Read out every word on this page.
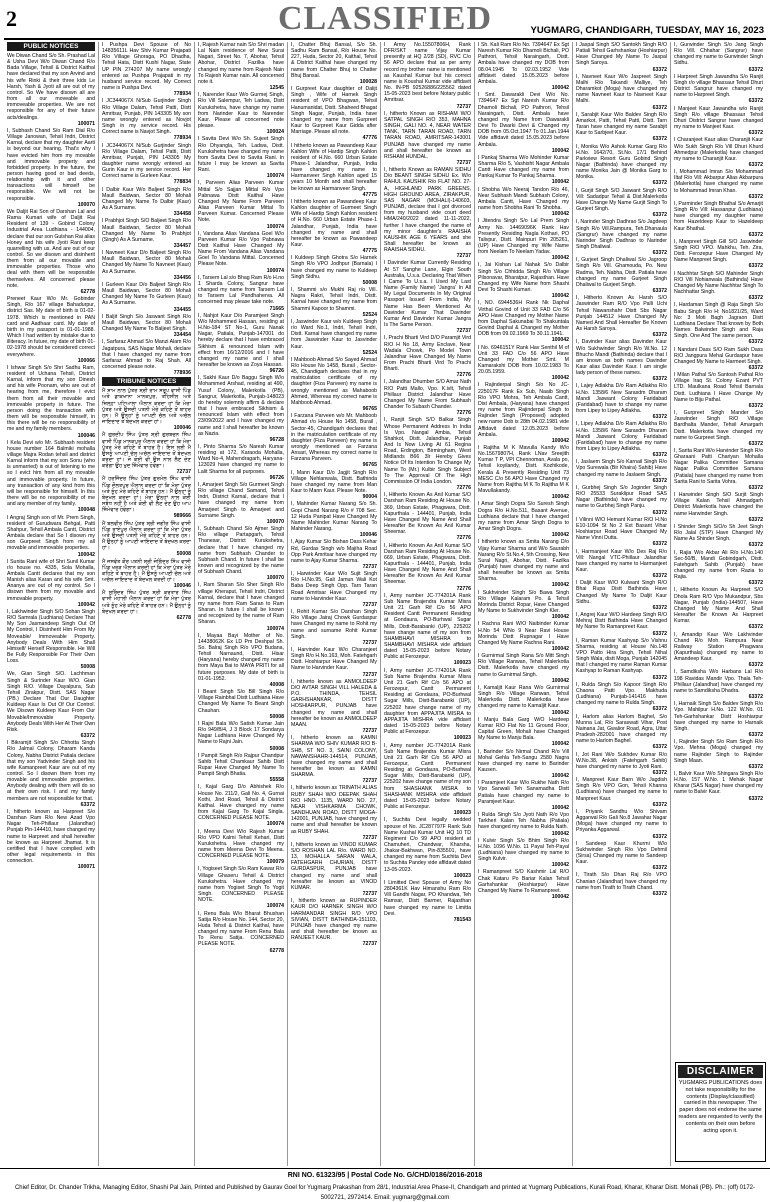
2	CLASSIFIED	YUGMARG, CHANDIGARH, TUESDAY, MAY 16, 2023
PUBLIC NOTICES
We Diwan Chand S/o Sh. Prashad Lal & Usha Devi W/o Diwan Chand R/o Bada Village, Tehsil & District Kaithal have declared that my son Arvind and his wife Rinki & their three kids Le Harsh, Yash & Jyoti all are out of my control. So We have disown all are from all our moveable and immoveable properties. We are not responsible for any of their future acts/dealings.
100071
I, Subhash Chand S/o Ram Dial R/o Village Janowan, Tehsil Indri, District Karnal, declare that my daughter Aarti is beyond our hearing. That's why I have evicted him from my movable and immovable property and forbidded property. In the future, the person having good or bad deeds, relationship with it and other transactions will himself be responsible. We will not be responsible.
100070
We Daljit Rai Son of Darshan Lal and Rama Kumari wife of Daljit Rai Resident of 139 - Gobind Colony Industrial Area Ludhiana - 144004, declare that our son Gulshan Rai alias Honey and his wife Jyoti Rani keep quarrelling with us. And are out of our control. So we disown and disinherit them from all our movable and immovable properties. Those who deal with them will be responsible themselves. All concerned please note.
62778
Preneet Kaur W/o Mr. Gobinder Singh, R/o 167 village Bahadurpur, district Sas. My date of birth is 01-02-1978. Which is mentioned in PAN card and Aadhaar card. My date of birth in my passport is 01-01-1988. Which I had written by mistake due to illiteracy. In future, my date of birth 01-02-1978 should be considered correct everywhere.
100066
I Ishwar Singh S/o Shri Sadhu Ram, resident of Uchana Tehsil, District Karnal, inform that my son Dinesh and his wife Poonam, who are out of hearing from me, therefore I evict them from all their movable and immovable property in future. The person doing the transaction with them will be responsible himself, in this there will be no responsibility of me and my family members.
100046
I Kela Devi w/o Mr. Subhash resident house number 164 Balmiki mohalla village Majra Rodan tehsil and district Karnal inform that my son Sonu (who is unmarried) is out of listening to me so I evict him from all my movable and immovable property. In future, any transaction of any kind from this will be responsible for himself. In this there will be no responsibility of me and any member of my family.
100048
I Angraj Singh son of Mr. Prem Singh, resident of Gurudwara Behgal, Patti Shahpur, Tehsil Ambala Cantt, District Ambala declare that So I disown my son Gurpreet Singh from my all movable and immovable properties.
100042
I Sunita Rani wife of Shri Sunil Kumar r/o house no. 4335, Sola Mohalla, Ambala Cantt declares that my son Manish alias Karan and his wife Smt. Ananya are out of my control. So I disown them from my movable and immovable property.
100042
I, Lakhwinder Singh S/O Sohan Singh R/O Samrala (Ludhiana) Declare That My Son Jasmandeep Singh Out Of My Control, I Disinherit Him From My Moveable/ Immoveable Property. Anybody Deals With Him Shall Himself/ Herself Responsible. He Will Be Fully Responsible For Their Own Loss.
50008
We, Gian Singh S/O. Lachhman Singh & Surinder Kaur W/O. Gian Singh R/O. Village Dayalpura, Sub Tehsil Zirakpur, Distt. SAS Nagar (PB.) Declare That Our Daughter Kuldeep Kaur Is Out Of Our Control. We Disown Kuldeep Kaur From Our Movable/Immovable Property. Anybody Deals With Her At Their Own Risk.
63372
I Bikramjit Singh S/o Chhotta Singh R/o Jalmal Colony, Dharam Kanda Colony, Nabha District Patiala declare that my son Yadvinder Singh and his wife Kamanpreet Kaur are out of my control. So I disown them from my movable and immovable properties. Anybody dealing with them will do so at their own risk. I and my family members are not responsible for that.
63372
I, hitherto known as Harpreet S/o Darshan Ram R/o New Azad Vpo Nagar Teh-Phillaur (Jalandhar) Punjab Pin-144410, have changed my name to Harpreet and shall hereafter be known as Harpreet Jhamat. It is certified that I have complied with other legal requirements in this connection.
100071
I Pushpa Devi Spouse of No 14835611L Hav Shiv Kumar Prajapati R/o Village Ghoraga, PO Dhadha, Tehsil Hata, Distt Kushi Nagar, State UP PIN 274207 My name wrongly entered as Pushpa Prajapati in my husband service record. My Correct name is Pushpa Devi.
778934
I JC344067X N/Sub Gurjinder Singh R/o Village Dalam, Tehsil Patti, Distt Amritsar, Punjab, PIN 143305 My son name wrongly entered as Novjot Singh in my service record. His Correct name is Navjot Singh.
778934
I JC344067X N/Sub Gurjinder Singh R/o Village Dalam, Tehsil Patti, Distt Amritsar, Punjab, PIN 143305 My daughter name wrongly entered as Gurin Kaur in my service record. Her Correct name is Gurleen Kaur.
778834
I Dalbir Kaur W/o Baljeet Singh R/o Maull Baidwan, Sector 80 Mohali Changed My Name To Dalbir (Kaur) As A Surname.
334458
I Prabhjot Singh S/O Baljeet Singh R/o Maull Baidwan, Sector 80 Mohali Changed My Name To Prabhjot (Singh) As A Surname.
334457
I Navneet Kaur D/o Baljeet Singh R/o Maull Baidwan, Sector 80 Mohali Changed My Name To Navneet (Kaur) As A Surname.
334456
I Gurleen Kaur D/o Baljeet Singh R/o Maull Baidwan, Sector 80 Mohali Changed My Name To Gurleen (Kaur) As A Surname.
334455
I Baljit Singh S/o Jaswant Singh R/o Maull Baidwan, Sector 80 Mohali Changed My Name To Baljeet Singh.
334454
I, Sarfaraz Ahmad S/o Manzi Alam R/o Jagatpura, SAS Nagar Mohali, declare that I have changed my name from Sarfaraz Ahmad to Raj Shah. All concerned please note.
778936
TRIBUNE NOTICES
ਮੈਂ ਸ਼ਾਮ ਲਾਲ ਪੁੱਤਰ ਸ਼੍ਰੀ ਰਾਮ ਸਰੂਪ ਵਾਸੀ ਪਿੰਡ ਅਤੇ ਡਾਕਖਾਨਾ ਮਾਨਕਪੁਰ, ਤਹਿਸੀਲ ਅਤੇ ਜ਼ਿਲ੍ਹਾ ਪਟਿਆਲਾ ਐਲਾਨ ਕਰਦਾ ਹਾਂ ਕਿ ਮੇਰਾ ਪੁੱਤਰ ਅਤੇ ਉਸਦੀ ਪਤਨੀ ਮੇਰੇ ਕਹਿਣੇ ਤੋਂ ਬਾਹਰ ਹਨ। ਮੈਂ ਉਨ੍ਹਾਂ ਨੂੰ ਆਪਣੀ ਚੱਲ ਅਤੇ ਅਚੱਲ ਜਾਇਦਾਦ ਤੋਂ ਬੇਦਖਲ ਕਰਦਾ ਹਾਂ।
100046
ਮੈਂ ਗੁਰਦੀਪ ਸਿੰਘ ਪੁੱਤਰ ਸ਼੍ਰੀ ਗੁਰਬਚਨ ਸਿੰਘ ਵਾਸੀ ਪਿੰਡ ਮਾਨਕਪੁਰ ਐਲਾਨ ਕਰਦਾ ਹਾਂ ਕਿ ਮੇਰਾ ਪੁੱਤਰ ਮੇਰੇ ਕਹਿਣੇ ਤੋਂ ਬਾਹਰ ਹੈ। ਇਸ ਲਈ ਮੈਂ ਉਸਨੂੰ ਆਪਣੀ ਚੱਲ ਅਚੱਲ ਜਾਇਦਾਦ ਤੋਂ ਬੇਦਖਲ ਕਰਦਾ ਹਾਂ। ਜੋ ਕੋਈ ਵੀ ਉਸ ਨਾਲ ਲੈਣ ਦੇਣ ਕਰੇਗਾ ਉਹ ਖੁਦ ਜ਼ਿੰਮੇਵਾਰ ਹੋਵੇਗਾ।
72737
ਮੈਂ ਹਰਜਿੰਦਰ ਸਿੰਘ ਪੁੱਤਰ ਗੁਰਮੇਲ ਸਿੰਘ ਵਾਸੀ ਪਿੰਡ ਦੌਲਤਪੁਰ ਐਲਾਨ ਕਰਦਾ ਹਾਂ ਕਿ ਮੇਰਾ ਪੁੱਤਰ ਅਤੇ ਨੂੰਹ ਮੇਰੇ ਕਹਿਣੇ ਤੋਂ ਬਾਹਰ ਹਨ। ਮੈਂ ਉਨ੍ਹਾਂ ਨੂੰ ਬੇਦਖਲ ਕਰਦਾ ਹਾਂ। ਮੇਰਾ ਉਨ੍ਹਾਂ ਨਾਲ ਕੋਈ ਸਬੰਧ ਨਹੀਂ ਹੈ ਅਤੇ ਕੋਈ ਵੀ ਲੈਣ ਦੇਣ ਉਹ ਆਪ ਜ਼ਿੰਮੇਵਾਰ ਹੋਵੇਗਾ।
989666
ਮੈਂ ਬਲਵੀਰ ਸਿੰਘ ਪੁੱਤਰ ਸ਼੍ਰੀ ਜਗੀਰ ਸਿੰਘ ਵਾਸੀ ਪਿੰਡ ਰਾਏਪੁਰ ਐਲਾਨ ਕਰਦਾ ਹਾਂ ਕਿ ਮੇਰਾ ਪੁੱਤਰ ਅਤੇ ਉਸਦੀ ਪਤਨੀ ਮੇਰੇ ਕਹਿਣੇ ਤੋਂ ਬਾਹਰ ਹਨ। ਮੈਂ ਉਨ੍ਹਾਂ ਨੂੰ ਆਪਣੀ ਜਾਇਦਾਦ ਤੋਂ ਬੇਦਖਲ ਕਰਦਾ ਹਾਂ।
50008
ਮੈਂ ਜਸਵੰਤ ਕੌਰ ਪਤਨੀ ਸ਼੍ਰੀ ਜੋਗਿੰਦਰ ਸਿੰਘ ਵਾਸੀ ਪਿੰਡ ਖਰੜ ਐਲਾਨ ਕਰਦੀ ਹਾਂ ਕਿ ਮੇਰਾ ਪੁੱਤਰ ਮੇਰੇ ਕਹਿਣੇ ਤੋਂ ਬਾਹਰ ਹੈ। ਮੈਂ ਉਸਨੂੰ ਆਪਣੀ ਚੱਲ ਅਤੇ ਅਚੱਲ ਜਾਇਦਾਦ ਤੋਂ ਬੇਦਖਲ ਕਰਦੀ ਹਾਂ।
100046
ਮੈਂ ਸੁਰਿੰਦਰ ਸਿੰਘ ਪੁੱਤਰ ਸ਼੍ਰੀ ਕਰਤਾਰ ਸਿੰਘ ਵਾਸੀ ਮੋਹਾਲੀ ਐਲਾਨ ਕਰਦਾ ਹਾਂ ਕਿ ਮੇਰਾ ਪੁੱਤਰ ਅਤੇ ਨੂੰਹ ਮੇਰੇ ਕਹਿਣੇ ਤੋਂ ਬਾਹਰ ਹਨ। ਮੈਂ ਉਨ੍ਹਾਂ ਨੂੰ ਬੇਦਖਲ ਕਰਦਾ ਹਾਂ।
62778
I, Rajesh Kumar nain S/o Shri madan Lal Nain residence of New Surai Nagari, Street No. 7, Abohar, Tehsil Abohar, District Fazilka have changed my name from Rajesh Nain To Rajesh Kumar nain. All concerned note it.
12545
I, Narender Kaur W/o Gurmej Singh, R/o Vill Salempur, Teh Ladwa, Distt Kurukshetra, have change my name from Narinder Kaur to Narender Kaur. Please all concerned note please.
100024
I Savita Devi W/o Sh. Sujeet Singh R/o Dhyangla, Teh. Ladwa, Distt. Kurukshetra have changed my name from Savita Devi to Savita Rani. In future I may be known as Savita Rani.
100074
I, Parveen Alias Parveen Kumar Mittal S/o Sajjan Mittal R/o Vpo Pabnawa Distt Kaithal Have Changed My Name From Parveen Alias Parveen Kumar Mittal To Parveen Kumar. Concerned Please Note.
100074
I, Vandana Alias Vandana Goel W/o Parveen Kumar R/o Vpo Pabnawa Distt Kaithal Have Changed My Name From Vandana Alias Vandana Goel To Vandana Mittal. Concerned Please Note.
100074
I, Tarsem Lal s/o Bhag Ram R/o H.no 1 Sharda Colony, Sangrur have changed my name from Tarsem Lal to Tarsem Lal Pandhaherva. All concerned may please take note.
71665
I, Nahjot Kaur D/o Paramjeet Singh W/o Mohammed Hassan, residing at H.No-184 ST No-1, Guru Nanak Nagar, Patiala, Punjab-147001 do hereby declare that I have embraced Sikhism & renounced Islam with effect from 16/12/2016 and I have changed my name and I shall hereafter be known as Zoya Hassan.
96726
I, Sakhi Kaur D/o Baggu Singh W/o Mohammed Arshad, residing at 490, Yusuf Colony, Malerkotla (PB), Sangrur, Malerkotla, Punjab-148023 do hereby solemnly affirm & declare that I have embraced Sikhism & renounced Islam with effect from 23/09/2022 and I have changed my name and I shall hereafter be known as Nazia.
96728
I, Pinto Sharma S/o Naresh Kumar residing at 172, Karaoda Mohalla, Ward No-4, Mahendragarh, Haryana-123029 have changed my name to Lalit Sharma for all purposes.
96726
I, Amarjeet Singh S/o Gurmeet Singh R/o village Chand Samand, Tehsil Indri, District Karnal, declare that I have changed my name from Amarjeet Singh to Amarjeet and Surname Singh.
100070
I, Subhash Chand S/o Ajmer Singh R/o village Partapgarh, Tehsil Thanesar, District Kurukshetra, declare that I have changed my name from Subhash Chander to Subhash Chand. In future I shall be known and recognized by the name of Subhash Chand.
100070
I, Ram Sharan S/o Sher Singh R/o village Kheraput, Tehsil Indri, District Karnal, declare that I have changed my name from Ram Saran to Ram Sharan. In future I shall be known and recognized by the name of Ram Sharan.
100074
I, Mayaa Bayi Mother of No. 14438062K Ex LD Pm Deshpal Sh. So. Balraj Singh R/o VPO Budana, Tehsil Narnaund, Distt. Hisar (Haryana) hereby changed my name from Maya Bai to MAYA PRITI for all future purposes. My date of birth is 01-01-1952.
40008
I Beant Singh S/o Bill Singh R/o Village Rainbhal Distt Ludhiana Have Changed My Name To Beant Singh Chauhan.
50008
I Rajni Bala W/o Satish Kumar Jain R/o 949/B/4, J 3 Block 17 Sondarya Nagar Ludhiana Have Changed My Name to Rajni Jain.
50008
I Pampit Singh R/o Rajpur Chandpur Sahib Tehsil Chamkaur Sahib Distt Rupar Have Changed My Name To Pampit Singh Bhatia.
55558
I, Kajal Garg D/o Abhishek R/o House No. 211/2, Gali No. 4, Gurnai Kothi, Jind Road, Tehsil & District Kaithal. Have changed my name from Kajal Garg To Kajal Singla. CONCERNED PLEASE NOTE.
100074
I, Meena Devi W/o Rajesh Kumar R/o VPO Kalmi Tehsil Kehari, Distt Kurukshetra. Have changed my name from Meena Devi To Meena. CONCERNED PLEASE NOTE.
100079
I, Yogiseet Singh S/o Ram Kawar R/o Village Ghaseru Tehsil & District Kurukshetra. Have changed my name from Yogiset Singh To Yogit Singh. CONCERNED PLEASE NOTE.
100074
I, Renu Bala W/o Bharat Bhushan Satija R/o House No. 144, Sector 20, Huda Tehsil & District Kaithal, have changed my name From Renu Bala To Renu Satija. CONCERNED PLEASE NOTE.
62778
I, Chatter Bhuj Bansal, S/o Sh. Sadhu Ram Bansal, R/o House No. 227, Huda, Sector 20, Kaithal, Tehsil & District Kaithal have changed my name from Chatter Bhuj to Chatter Bhuj Bansal.
100028
I Gurpreet Kaur daughter of Dalijt Singh , Wife of Harnek Singh resident of VPO Bhagwan, Tehsil Hanumanidat, Distt. Shaheed Bhagat Singh Nagar, Punjab, India have changed my name from Gurpreet Kaur to Gurpreet Kaur Gidda after Marriage. Please all note.
47776
I hitherto known as Pawandeep Kaur Kahlon Wife of Hardip Singh Kahlon resident of H.No. 660 Urban Estate Phase-1 Jalandhar, Punjab, India have changed my name to Harmanveer Singh Kahlon aged 15 years 10 Month and shall hereafter be known as Harmanveer Singh.
47775
I hitherto known as Pawandeep Kaur Kahlon daughter of Gurmeet Singh Wife of Hardip Singh Kahlon resident of H.No. 660 Urban Estate Phase-1 Jalandhar, Punjab, India have changed my name and shall hereafter be known as Pawandeep Kaur.
47775
I Kuldeep Singh Ghotra S/o Harnek Singh R/o VPO Jodhpur (Barnala) I have changed my name to Kuldeep Singh Sidhu.
50008
I, Shammi s/o Mukhi Raj r/o Vill. Nagra Rakri, Tehsil Indri, Distt. Karnal have changed my name from Shammi Kapoor to Shammi.
52524
I, Jaswinder Kaur w/o Kuldeep Singh r/o Ward No.1, Indri, Tehsil Indri, Distt. Karnal have changed my name from Jaswinder Kaur to Jasvinder Kaur.
52524
I Mahboob Ahmad S/o Sayed Ahmad R/o House No 1458, Burail , Sector-45, Chandigarh declares that in my matriculation certificate of my daughter (Fiza Parveen) my name is wrongly mentioned as Mahaboob Ahmed, Whereas my correct name is Mahboob Ahmad.
96765
I Farzana Parveen w/o Mr. Mahboob Ahmad r/o House No 1458, Burail , Sector-45, Chandigarh declares that in the matriculation certificate of my daughter (Fiza Parveen) my name is wrongly mentioned as Farzana Ansari, Whereas my correct name is Farzana Parveen.
96765
I, Mann Kaur D/o Jagjit Singh R/o Village Nehlanwala, Distt. Bathinda have changed my name from Man Kaur to Mann Kaur. Please Note.
90004
I, Mahinder Kumar Narang S/o Sh. Gopi Chand Narang R/o # 708 Sec. 12 Huda Panipat Have Changed My Name Mahinder Kumar Narang To Mahinder Narang.
100046
I, Ajay Kumar S/o Bishan Dass Kehar Rd, Gurdas Singh w/o Majiha Road Opp Park Amritsar have changed my name to Ajay Kumar Sharma.
72737
I, Harwinder Kaur W/o Sujit Singh R/o H.No.95, Gali Jamun Wali Kot Baba Deep Singh Opp. Tarn Taran Road Amritsar Have Changed my name to Harvinder Kaur.
72737
I, Rohit Kumar S/o Darshan Singh R/o Village Jairaj Chowk Gurdaspur have Changed my name to Rohit my name and surname Rohit Kumar Singh.
72737
I, Harvinder Kaur W/o Charanjeet Singh R/o H.No.163, Moh. Fatehgarh Distt. Hoshiarpur Have Changed My Name to Harvinder Kaur.
72737
I, hitherto known as ANMOLDEEP D/O AVTAR SINGH VILL HALEDA & P.O. THINDA, TEHSIL GARHSHANKAR, DISTT HOSHIARPUR, PUNJAB have changed my name and shall hereafter be known as ANMOLDEEP MAAN.
72737
I, hitherto known as KAMNI SHARMA W/O SHIV KUMAR R/O B-SHB, ST NO. 3, SAINI COLONY, NAWANSHAHR-144514, PUNJAB, have changed my name and shall hereafter be known as KAMNI SHARMA.
72737
I, hitherto known as TRINATH ALIAS RUBY SHAH W/O DEEPAK SHAH R/O HNO. 1135, WARD NO. 27, NEAR VISHKARMA CHOWK, SANDHUAN ROAD, DISTT MOGA-142001, PUNJAB, have changed my name and shall hereafter be known as RUBY SHAH.
72737
I, hitherto known as VINOD KUMAR S/O ROSHAN LAL R/o. WARD NO. 13, MOHALLA SARAN WALA, FATEHGARH CHURIAN, DISTT GURDASPUR, PUNJAB have changed my name and shall hereafter be known as VINOD KUMAR.
72737
I, hitherto known as RUPINDER KAUR D/O HARNEK SINGH W/O HARMANDAR SINGH R/O VPO SIVIAN, DISTT BATHINDA-151103, PUNJAB have changed my name and shall hereafter be known as RANJEET KAUR.
72737
I Army No.15507806H, Rank DFR/SKT name Vijay Kumar presently at HQ 2/28 (SD), RVC C/o 56 APO declare that as per army record my brother name is mentioned as Kaushal Kumar but his correct name is Koushal Kumar vide affidavit No. IN-PB 92526886/225562 dated 15-05-2023 best before Notary public Amritsar.
72737
I, hitherto Known as RISHAM W/O SATPAL SINGH R/O 353, MAHNA SINGH, GALI NO. 4, NEAR WATER TANK, TARN TARAN ROAD, TARN TARAN ROAD, AMRITSAR-143001 PUNJAB have changed my name and shall hereafter be known as RISHAM HUNDAL.
72737
I, hitherto Known as RAMAN SIDHU D/o BEANT SINGH SIDHU Ex. W/o RAHUL KAUSHIK R/o FLAT NO. 27-A, HIGHLAND PARK GREENS, HIGH GROUND AREA, ZIRAKPUR, SAS NAGAR (MOHALI)-140603, PUNJAB, declare that I got divorced from my husband vide court deed HMA/240/2022 dated 11-11-2022, further I have changed the name of my minor daughter's RAAISHA KAUSHIK AGE 6 YEARS and she Shall hereafter be known as RAAISHA SIDHU.
72737
I Davinder Kumar Currently Residing At 57 Sanghe Lane, Elgin South Australia, U.s.a. Declaring That When I Came To U.s.a. I Used My Last Name (Family Name) 'Jangra' In All My Legal Documents In My Original Passport Issued From India, My Name Has Been Mentioned As Davinder Kumar That Davinder Kumar And Davinder Kumar Jangra Is The Same Person.
72737
I, Prachi Bharti Vird D/O Paramjit Vird R/O H No 18, Army Enclave, Near Wadala Chowk, Po Model Town Jalandhar Have Changed My Name From Prachi Bharti Vird To Prachi Bharti.
72776
I, Jalandhar Dhumber S/O Amar Nath R/O Patti Mallo, Vpo. K.ivlt, Tehsil Phillaur District Jalandhar Have Changed My Name From Subhash Chander To Subash Chander.
72776
I, Ranjit Singh S/O Balkar Singh Whose Permanent Address In India Is Vpo. Nangal Ambia, Tehsil Shahkot, Distt. Jalandhar, Punjab And Is Now Living At 61 Regina Road, Erdington, Birmingham, West Midlands B66 3lr Hereby Gives Notice Of Its Intention To Change My Name To (Mr.) Kulbir Singh Subject To The Approval Of The High Commission Of India London.
72776
I, Hitherto Known As Anil Kumar S/O Darshan Ram Residing At House No. 369, Urban Estate, Phagwara, Distt. Kapurthala - 144401, Punjab, India Have Changed My Name And Shall Hereafter Be Known As Anil Kumar Sheemar.
72776
I, Hitherto Known As Anil Kumar S/O Darshan Ram Residing At House No. 669, Urban Estate, Phagwara, Distt. Kapurthala - 144401, Punjab, India Have Changed My Name And Shall Hereafter Be Known As Anil Kumar Sheemar.
72776
I, Army number JC-774201A Rank Sub Name Brajendra Kumar Misra Unit 21 Garh Rif C/o 56 APO Resident Cantt Permanent Residing at Gondaura, PO-Burhwal Sugar Mills, Distt-Barabanki (UP), 225202 have change name of my son from SHAMBHAVI MISHRA to SHAMBHAVI MISHRA vide affidavit dated 15-05-2023 before Notary Public at Ferozepur.
100023
I, Army number JC-774201A Rank Sub Name Brajendra Kumar Misra Unit 21 Garh Rif C/o 56 APO at Ferozepur, Cantt Permanent Residing at Gondaura, PO-Burhwal Sugar Mills, Distt-Barabanki (UP), 225202 have change name of my daughter from APPAJITA MISRA to APPAJITA MISHRA vide affidavit dated 15-05-2023 before Notary Public at Ferozepur.
100023
I, Army number JC-774201A Rank Sub Name Brajendra Kumar Misra Unit 21 Garh Rif C/o 56 APO at Ferozepur, Cantt Permanent Residing at Gondaura, PO-Burhwal Sugar Mills, Distt-Barabanki (UP), 225202 have change name of my son from SHASHANK MISRA to SHASHANK MISHRA vide affidavit dated 15-05-2023 before Notary Public at Ferozepur.
100023
I, Suchita Devi legally wedded spouse of No. JC287797F Rank Sub Name Kushal Kumar Unit HQ 10 TD Regiment C/o 99 APO resident at Chamuheri, Chandwar, Kharsha, Jhakar-Bakhwan, Pin-835501, have changed my name from Suchita Devi to Suchita Pandey vide affidavit dated 13-05-2023.
100023
I Limitted Devi Spouse of Army No 2804361K Hav Himanshu Ram R/o Vill Gandhi Nagar, PO Khandwa, Teh Ramsar, Distt Barmer, Rajasthan have changed my name to Limitta Devi.
781543
I Sh. Kali Ram R/o No. 7394647 Ex Sgt Naresh Kumar R/o Dhamoli Bichali, PO Pathrori, Tehsil Naraingarh, Distt. Ambala have changed my DOB from 08.04.1945 To 02.03.1952 Vide affidavit dated 15.05.2023 before Ambala.
100042
I Smt. Dawarakli Devi W/o No. 7394647 Ex Sgt Naresh Kumar R/o Dhamoli Bichali, PO Pathrori, Tehsil Naraingarh, Distt. Ambala have changed my Name from Dawarakli Devi To Dwarki Devi & Changed my DOB from 05.Oct.1947 To 01.Jan.1944 Vide affidavit dated 15.05.2023 before Ambala.
100042
I Pankaj Sharma W/o Mohinder Kumar Sharma R/o 5, Vashisht Nagar Ambala Cantt Have changed my name from Pankaj Kumar To Pankaj Sharma.
100042
I Shobha W/o Neeraj Tandon R/o 46, Near Subhash Mandi Subhash Colony, Ambala Cantt, Have Changed my name from Shobha Rani To Shobha.
100042
I Jitendra Singh S/o Lal Prem Singh Army No. 14469096K Rank Hav Presently Residing Nagla Kothari, PO Talivpur, Distt. Mainpuri Pin 205261, (UP) Have Changed my Wife Name from Neelam To Neelam Yadav.
100042
I, Jai Kishan Lal Nahak S/o Dalbir Singh S/o Chhidda Singh R/o Village Pilsonavar, Bharatpur, Rajasthan. Have Changed my Wife Name from Shashi Devi To Shashi Kumari.
100042
I, NO. 6944536H Rank Nk Daphal Virthal Govind of Unit 33 FAD C/o 56 APO Have Changed my Mother Name from Daphal Sakunabai To Shakuntala Govind Daphal & Changed my Mother DOB from 09.02.1969 To 30.11.1941.
100042
I No. 6946151Y Rank Hav Senthil M of Unit 33 FAD C/o 56 APO Have Changed my Mother Smt. M Kamarakshi DOB from 10.02.1983 To 20.05.1959.
100042
I Rajinderpal Singh S/o No JC-225017F Rank Ex Sub, Naaib Singh R/o VPO Mohra, Teh Ambala Cantt, Dist Ambala, (Haryana) have changed my name from Rajinderpal Singh to Rajinder Singh (Proposed) adopted new name Dob is 28th 04.02.1981 vide Affidavit dated 12.05.2023 before Ambala.
100042
I Rajitha M K Mavulla Kandy W/o No.15679807H, Rank LNav Sreejith Kumar T P, VPI Chennoman, Avala po, Tehsil koyilandy, Distt. Kozhikode, Kerala & Presently Residing Unit 73 MESC C/o 56 APO Have Changed my Name from Rajitha M K To Rajitha M K Mavullakandy.
100042
I Amar Singh Dogra S/o Suresh Singh Dogra R/o H.No.511, Basant Avenue, Ludhiana declare that I have changed my name from Amar Singh Dogra to Amar Singh Dogra.
100042
I hitherto known as Smita Narang D/o Vijay Kumar Sharma and W/o Saurabh Narang R/o St.No.4, 5th Crossing, New Sural Nagri, Abohar, Distt. Fazilka (Punjab) have changed my name and shall hereafter be known as Smita Sharma.
100042
I Sukhvinder Singh S/o Bawa Singh R/o Village Kalaram Po. & Tehsil Morinda District Ropar, Have Changed My Name to Sukhvinder Singh Kler.
100042
I Rachna Rani W/O Naibinder Kumar H.No 54 WNo 9 Near Ravi House Morinda Distt Rupnagar I Have Changed My Name Rachna Rani.
100042
I Gurnirmal Singh Rana S/o Mitt Singh R/o Village Ranwan, Tehsil Malerkotla Distt. Malerkotla have changed my name to Gurnirmal Singh.
100042
I, Kamaljit Kaur Rana W/o Gurnirmal Singh R/o Village Ranwan, Tehsil Malerkotla Distt. Malerkotla have changed my name to Kamaljit Kaur.
100042
I Manju Bala Garg W/O Hardeep Kumar R/O Flat No 11 Ground Floor, Capital Green, Mohali have Changed My Name to Manju Bala.
100042
I, Barinder S/o Nirmal Chand R/o Vill Mohal Gehla Teh-Sangu 2580 Nagra have changed my name to Barinder Kausen.
100042
I Paramjeet Kaur W/o Rukhe Nath R/o Vpo Sanwali Teh Sanamadha Distt Patiala have changed my name to Paramjeet Kaur.
100042
I Rulda Singh S/o Jyoti Nath R/o Vpo Tarkheri Kalan Teh Nabha (Patiala) have changed my name to Rulda Nath.
100042
I Kulvir Singh S/o Bhim Singh R/o H.No. 1096 W.No. 11 Payal Teh-Payal (Ludhiana) have changed my name to Singh Kulvir.
100042
I Ramanpreet S/O Kashmir Lal R/O Chak Kataru Po Bariar Kalan Tehsil Garhshankar (Hoshiarpur) Have Changed My Name To Ramanpreet.
100042
I Jaspal Singh S/O Santokh Singh R/O Patiali Tehsil Garhshankar (Hoshiarpur) Have Changed My Name To Jaspal Singh Saroya.
63372
I, Navneet Kaur W/o Jaspreet Singh Malhi R/o Takandi Malliye, Teh Dharamkot (Moga) have changed my name Navneet Kaur to Navneet Kaur Malhi.
63372
I, Sarabjit Kaur W/o Baldev Singh R/o Amarkot, Patti, Tehsil Patti, Distt. Tarn Taran have changed my name Sarabjit Kaur to Sarbjeet Kaur.
63372
I, Monika W/o Ashok Kumar Garg R/o H.No. 1642/70, St.No. 17/1 Behind Parkview Resort Guru Gobind Singh Nagar (Bathinda) have changed my name Monika Jain @ Monika Garg to Monika.
63372
I, Gurjit Singh S/O Jaswant Singh R/O Vill: Sadadpur Tehsil & Dist.Malerkotla Have Change My Name Gurjit Singh To Gurjeet Singh.
63372
I, Narinder Singh Dadhrao S/o Jagdeep Singh R/o Vill.Rampura, Teh.Dhanaula (Sangrur) have changed my name Narinder Singh Dadhrao to Narinder Singh Dhaliwal.
63372
I, Gurjeet Singh Dhaliwal S/o Jagroop Singh R/o Vill. Ghamouda, Po. New Radma, Teh. Nabha, Distt. Patiala have changed my name Gurjeet Singh Dhaliwal to Gurjeet Singh.
63372
I, Hitherto Known As Harsh S/O Jaswinder Ram R/O Vpo Palli Uchi Tehsil Nawanshahr Distt Sbs Nagar Punjab 144512 Have Changed My Named And Shall Hereafter Be Known As Harsh Saroya.
63372
I, Davinder Kaur alias Davinder Kaur W/o Sukhwinder Singh R/o W.No. 12 Bhucho Mandi (Bathinda) declare that I am known as both names Davinder Kaur alias Davinder Kaur. I am single lady person of these names.
63372
I, Lajey Adlakha D/o Ram Adlakha R/o H.No. 1358/6 New Sarasdm Dharam Mandi Jaswant Colony Faridabad (Faridabad) have to change my name from Lipey to Lipey Adlakha.
63372
I, Lipey Adlakha D/o Ram Adlakha R/o H.No. 1358/6 New Sarasdm Dharam Mandi Jaswant Colony Faridabad (Faridabad) have to change my name from Lipey to Lipey Adlakha.
63372
I, Jaslaem Singh S/o Karnail Singh R/o Vpo Surewala (Bir Khaira) Sahib) Have changed my name to Jaslaem Singh.
63372
I, Gurbhej Singh S/o Joginder Singh R/O 25533 Suraklipur Road SAS Nagar (Bathinda) have changed my name to Gurbhej Singh Panju.
63372
I Vilinni W/O Hemant Kumar R/O H.No E10-1094 St No 2 Ext Basant Vihar Hoshiarpur Road Have Changed My Name Vinni Dutta.
63372
I, Harmanjeet Kaur W/o Des Raj R/o Vill: Nangal VTC-Phillaur Jalandhar have changed my name to Harmanjeet Kaur.
63372
I Daljit Kaur W/O Kulwant Singh R/O Bhai Rupa Distt Bathinda Have Changed My Name To Daljit Kaur Sidhu.
63372
I, Angrej Kaur W/O Hardeep Singh R/O Mehraj Distt Bathinda Have Changed My Name To Ramanpreet Kaur.
63372
I, Raman Kumar Kashyap S/o Vishnu Sharma, residing at House No.148 VPO Patto Hira Singh, Tehsil Nihal Singh Wala, distt Moga, Punjab 142045 that I changed my name Raman Kumar Kashyap to Raman Kashyap.
63372
I, Rulda Singh S/o Kapoor Singh R/o Chaona Patti Vpo. Makhuda (Ludhiana) Punjab-141416 have changed my name to Rulda Singh.
63372
I, Harlom alias Harlom Baghel, S/o Munna Lal, R/o Saraswati Vihar, Post Nainana Jat, Gwalior Road, Agra, Uttar Pradesh-282001 have changed my name to Harlom Baghel.
63372
I, Jot Rani W/o Sukhdev Kumar R/o W.No.38, Ankish (Fatehgarh Sahib) have changed my name to Jyoti Rani.
63372
I, Manpreet Kaur Barn W/o Jagdish Singh R/o VPO Gon, Tehsil Khanna (Ludhiana) have changed my name to Manpreet Kaur.
63372
I, Priyank Sandhu W/o Shivam Aggarwal R/o Gali No.8 Jawahar Nagar (Moga) have changed my name to Priyanka Aggarwal.
63372
I Sandeep Kaur Khurmi W/o Sukhwinder Singh R/o Vpo Dehmil (Sirsa) Changed my name to Sandeep Kaur.
63372
I, Tirath S/o Dhan Raj R/o VPO Chanian (Jalandhar) have changed my name from Tirath to Tirath Chand.
63372
I, Gurwinder Singh S/o Jang Singh R/o Vill. Chhahar (Sangrur) have changed my name to Gurwinder Singh Sidhu.
63372
I Harpreet Singh Jawandha S/o Ranjit Singh r/o village Bhassaur Tehsil Dhuri District Sangrur have changed my name to Harpreet Singh.
63372
I Manjeet Kaur Jawandha w/o Ranjit Singh R/o village Bhassaur Tehsil Dhuri District Sangrur have changed my name to Manjeet Kaur.
63372
I Charanjeet Kaur alias Charanjit Kaur W/o Sukh Singh R/o Vill Dhuri Khurd Ahmedpur (Malerkotla) have changed my name to Charanjit Kaur.
63372
I, Mohammad Imran S/o Mohammad Iltaf R/o Vill: Akbarpur Alias Akbarpura (Malerkotla) have changed my name to Mohammad Imran Khan.
63372
I, Parminder Singh Bhathal S/o Amarjit Singh R/o Vill: Hassanpur (Ludhiana) have changed my daughter name from Hazeldeep Kaur to Hazeldeep Kaur Bhathal.
63372
I, Manpreet Singh Gill S/O Jaswinder Singh R/O VPO. Mahkhu, Teh. Zira, Distt. Ferozepur Have Changed My Name Manpreet Singh.
63372
I Nachhtar Singh S/O Mahinder Singh R/O Vill Nohianwala (Bathinda) Have Changed My Name Nachhtar Singh To Nachhattar Singh.
63372
I, Hardaman Singh @ Raja Singh S/o Babu Singh R/o H: No1821/25, Ward No: 3 Moti Bagh Jagraon Distt Ludhiana Declare That known by Both Names Balwinder Singh and Raja Singh. One And The same person.
63372
I Nandani Dass S/O Ram Sukh Dass R/O Jangpura Mehal Gurdaspur have Changed My Name to Harmeet Singh.
63372
I Milan Pathal S/o Santosh Pathal R/o Village Iraq St. Colony Ezant PVT LTD. Maulkana Road Tehsil Barnala Distt. Ludhiana I Have Change My Name to Biju Pathal.
63372
I, Gurpreet Singh Mander S/o Jaswinder Singh R/O Village Bardhalta Mander, Tehsil Amargarh Distt. Malerkotla have changed my name to Gurpreet Singh.
63372
I, Sarita Rani W/o Harvinder Singh R/o Gharaani Patti Chariyan Mohalla Nagar Palika Committee Samana Nagar Palika Committee Samana (Patiala) have changed my name from Sarita Rani to Sarita Vohra.
63372
I Harwinder Singh S/O Surjit Singh Village Kalan Tehsil Ahmadgarh District Malerkotla have changed the name Harwinder Singh.
63372
I Shinder Singh S/O/o Sh Jeet Singh R/o Jalal (STP) Have Changed My Name As Shinder Singh.
63372
I, Rajia W/o Akbar Ali R/o H.No.140 Sec-50/B, Mandi Gobindgarh, Distt. Fatehgarh Sahib (Punjab) have changed my name from Razia to Rajia.
63372
I, Hitherto Known As Harpreet S/O Dhola Ram R/O Vpo Mukandpur, Sbs Nagar, Punjab (India)-144507, Have Changed My Name And Shall Hereafter Be Known As Harpreet Kumar.
63372
I, Amandip Kaur W/o Lakhvinder Chand R/o Moh. Rampura Near Railway Station Phagwara (Kapurthala) changed my name to Amandeep Kaur.
63372
I, Samdiksha W/o Harbans Lal R/o 198 Ravidas Mandir Vpo. Thala Teh-Phillaur (Jalandhar) have changed my name to Samdiksha Dhadra.
63372
I, Harnaik Singh S/o Baldev Singh R/o Vpo. Mahilpur H.No. 122 W.No. 01 Teh-Garhshankar Distt Hoshiarpur have changed my name to Harnaik Singh.
63372
I, Rajinder Singh S/o Ram Singh R/o Vpo. Mehna (Moga) changed my name Rajinder Singh to Rajinder Singh Maan.
63372
I, Balvir Kaur W/o Shingara Singh R/o H.No. 157 W.No. 1 Mehak Nagar Kharar (SAS Nagar) have changed my name to Balvir Kaur.
63372
DISCLAIMER
YUGMARG PUBLICATIONS does not take responsibility for the contents (Display/classified) carried in this newspaper. The paper does not endorse the same readers are requested to verify the contents on their own before acting upon it.
RNI NO. 61323/95 | Postal Code No. G/CHD/0186/2016-2018
Chief Editor, Dr. Chander Trikha, Managing Editor, Shashi Pal Jain, Printed and Published by Gaurav Goel for Yugmarg Prakashan from 28/1, Industrial Area Phase-II, Chandigarh and printed at Yugmarg Publications, Kurali Road, Kharar, Kharar Distt. Mohali (PB). Ph.: (off) 0172-5002721, 2972414. Email: yugmarg@gmail.com
